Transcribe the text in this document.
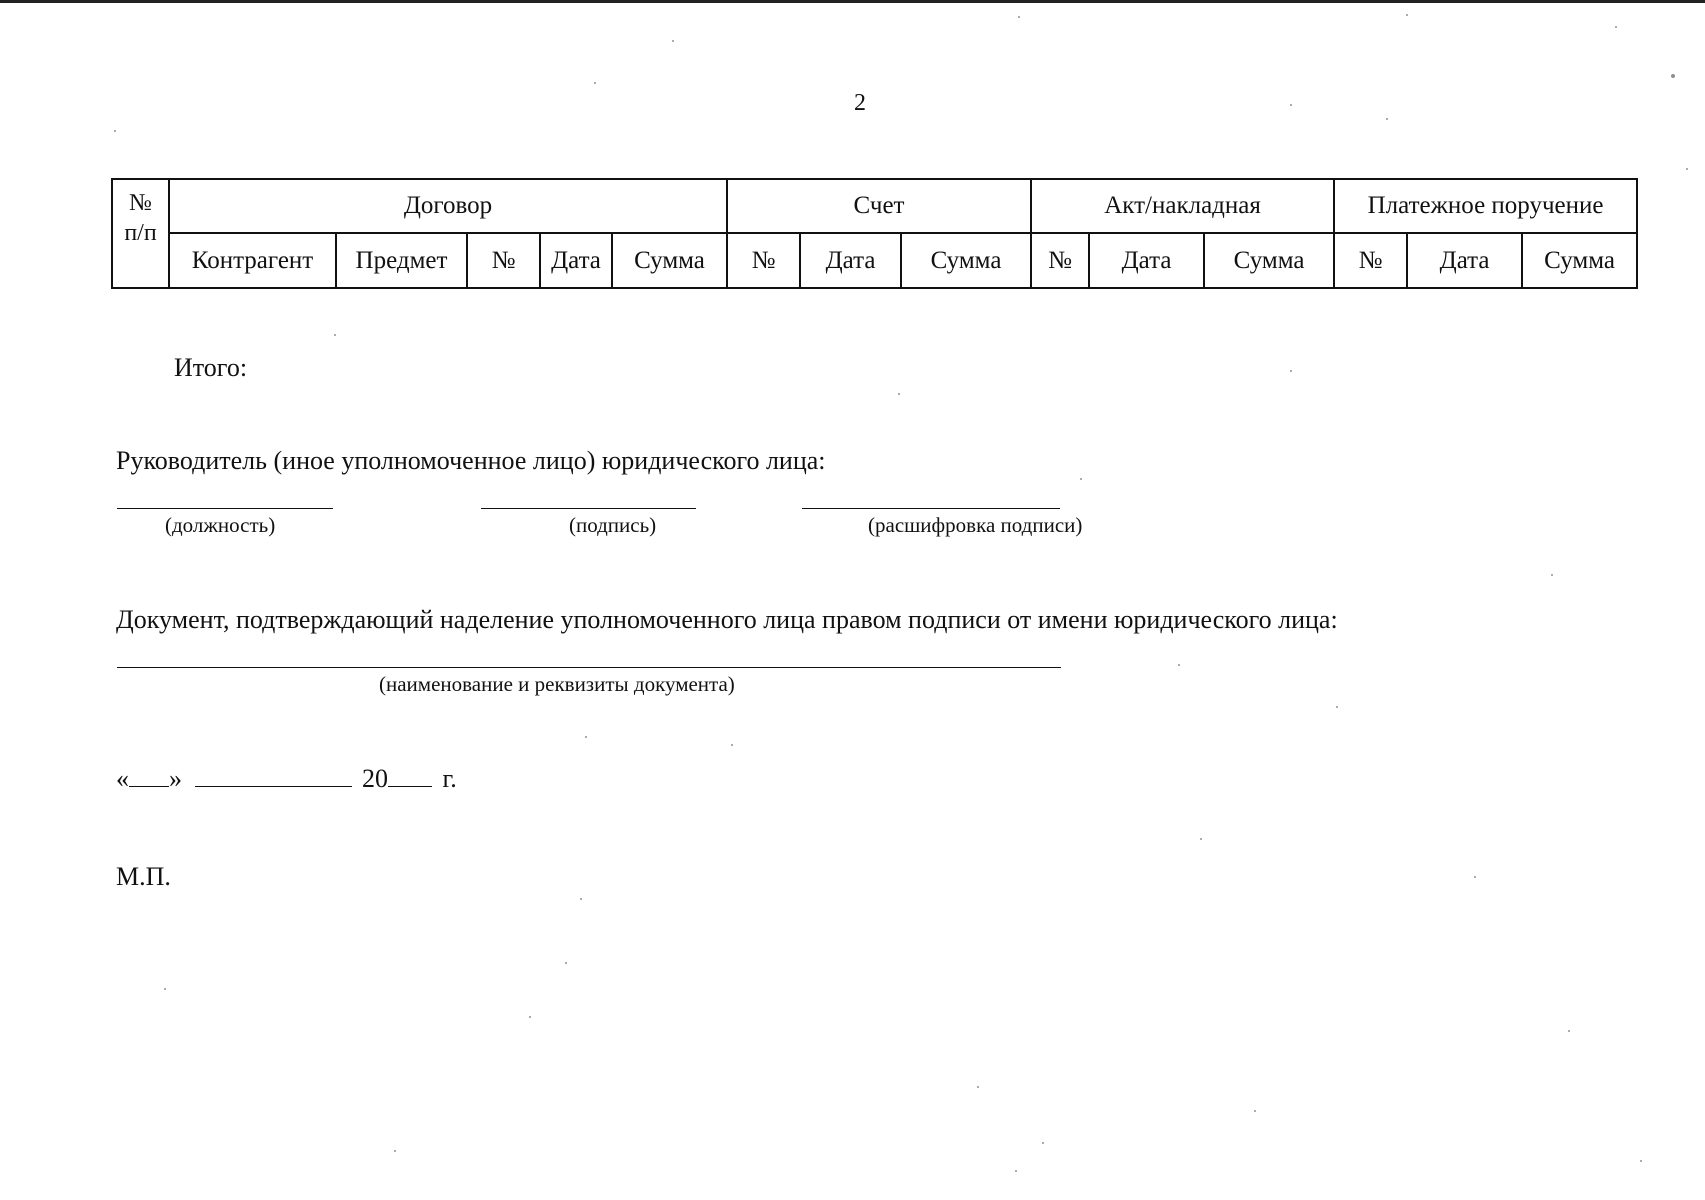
2
№
п/п	Договор					Счет			Акт/накладная			Платежное поручение		
	Контрагент	Предмет	№	Дата	Сумма	№	Дата	Сумма	№	Дата	Сумма	№	Дата	Сумма
Итого:
Руководитель (иное уполномоченное лицо) юридического лица:
(должность)	(подпись)	(расшифровка подписи)
Документ, подтверждающий наделение уполномоченного лица правом подписи от имени юридического лица:
(наименование и реквизиты документа)
« »	20 г.
М.П.
